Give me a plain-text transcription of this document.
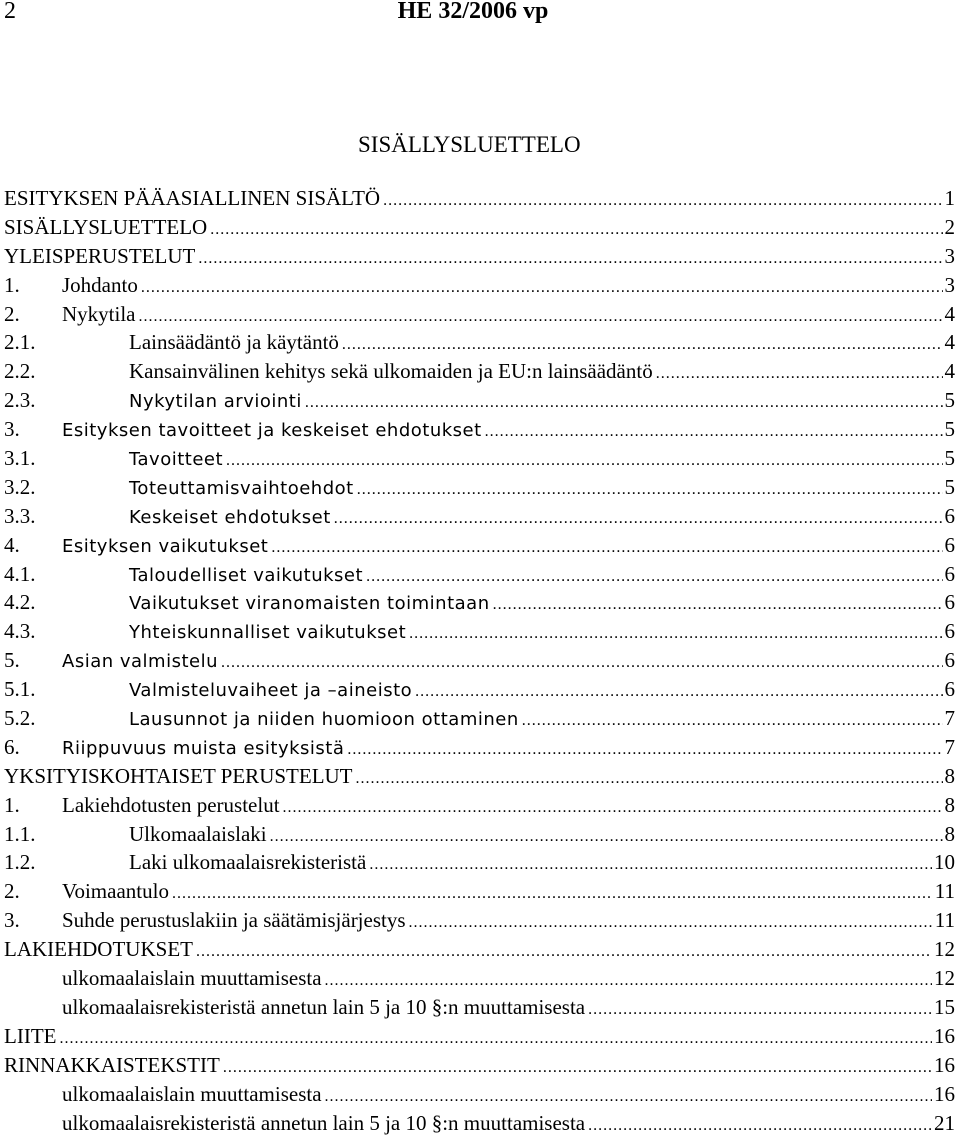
2	HE 32/2006 vp
SISÄLLYSLUETTELO
ESITYKSEN PÄÄASIALLINEN SISÄLTÖ .....	1
SISÄLLYSLUETTELO .....	2
YLEISPERUSTELUT .....	3
1.	Johdanto .....	3
2.	Nykytila .....	4
2.1.	Lainsäädäntö ja käytäntö .....	4
2.2.	Kansainvälinen kehitys sekä ulkomaiden ja EU:n lainsäädäntö .....	4
2.3.	Nykytilan arviointi .....	5
3.	Esityksen tavoitteet ja keskeiset ehdotukset .....	5
3.1.	Tavoitteet .....	5
3.2.	Toteuttamisvaihtoehdot .....	5
3.3.	Keskeiset ehdotukset .....	6
4.	Esityksen vaikutukset .....	6
4.1.	Taloudelliset vaikutukset .....	6
4.2.	Vaikutukset viranomaisten toimintaan .....	6
4.3.	Yhteiskunnalliset vaikutukset .....	6
5.	Asian valmistelu .....	6
5.1.	Valmisteluvaiheet ja –aineisto .....	6
5.2.	Lausunnot ja niiden huomioon ottaminen .....	7
6.	Riippuvuus muista esityksistä .....	7
YKSITYISKOHTAISET PERUSTELUT .....	8
1.	Lakiehdotusten perustelut .....	8
1.1.	Ulkomaalaislaki .....	8
1.2.	Laki ulkomaalaisrekisteristä .....	10
2.	Voimaantulo .....	11
3.	Suhde perustuslakiin ja säätämisjärjestys .....	11
LAKIEHDOTUKSET .....	12
ulkomaalaislain muuttamisesta .....	12
ulkomaalaisrekisteristä annetun lain 5 ja 10 §:n muuttamisesta .....	15
LIITE .....	16
RINNAKKAISTEKSTIT .....	16
ulkomaalaislain muuttamisesta .....	16
ulkomaalaisrekisteristä annetun lain 5 ja 10 §:n muuttamisesta .....	21
